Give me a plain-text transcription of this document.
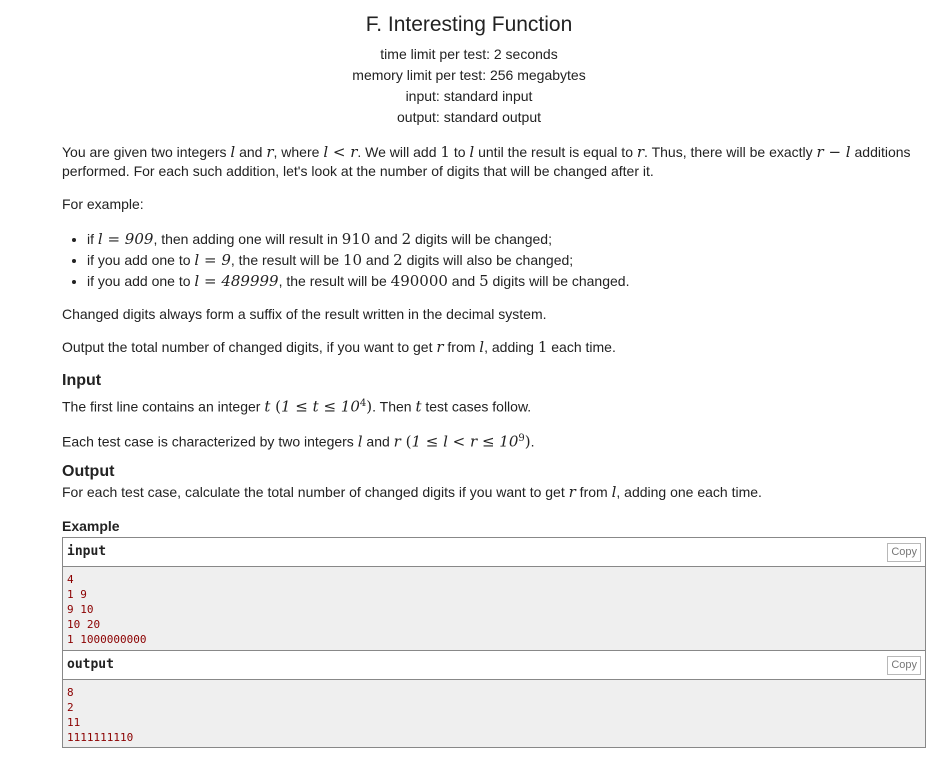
F. Interesting Function
time limit per test: 2 seconds
memory limit per test: 256 megabytes
input: standard input
output: standard output
You are given two integers l and r, where l < r. We will add 1 to l until the result is equal to r. Thus, there will be exactly r − l additions performed. For each such addition, let's look at the number of digits that will be changed after it.
For example:
• if l = 909, then adding one will result in 910 and 2 digits will be changed;
• if you add one to l = 9, the result will be 10 and 2 digits will also be changed;
• if you add one to l = 489999, the result will be 490000 and 5 digits will be changed.
Changed digits always form a suffix of the result written in the decimal system.
Output the total number of changed digits, if you want to get r from l, adding 1 each time.
Input
The first line contains an integer t $(1 \le t \le 10^4)$. Then t test cases follow.
Each test case is characterized by two integers l and r $(1 \le l < r \le 10^9)$.
Output
For each test case, calculate the total number of changed digits if you want to get r from l, adding one each time.
Example
input	Copy
4
1 9
9 10
10 20
1 1000000000
output	Copy
8
2
11
1111111110
